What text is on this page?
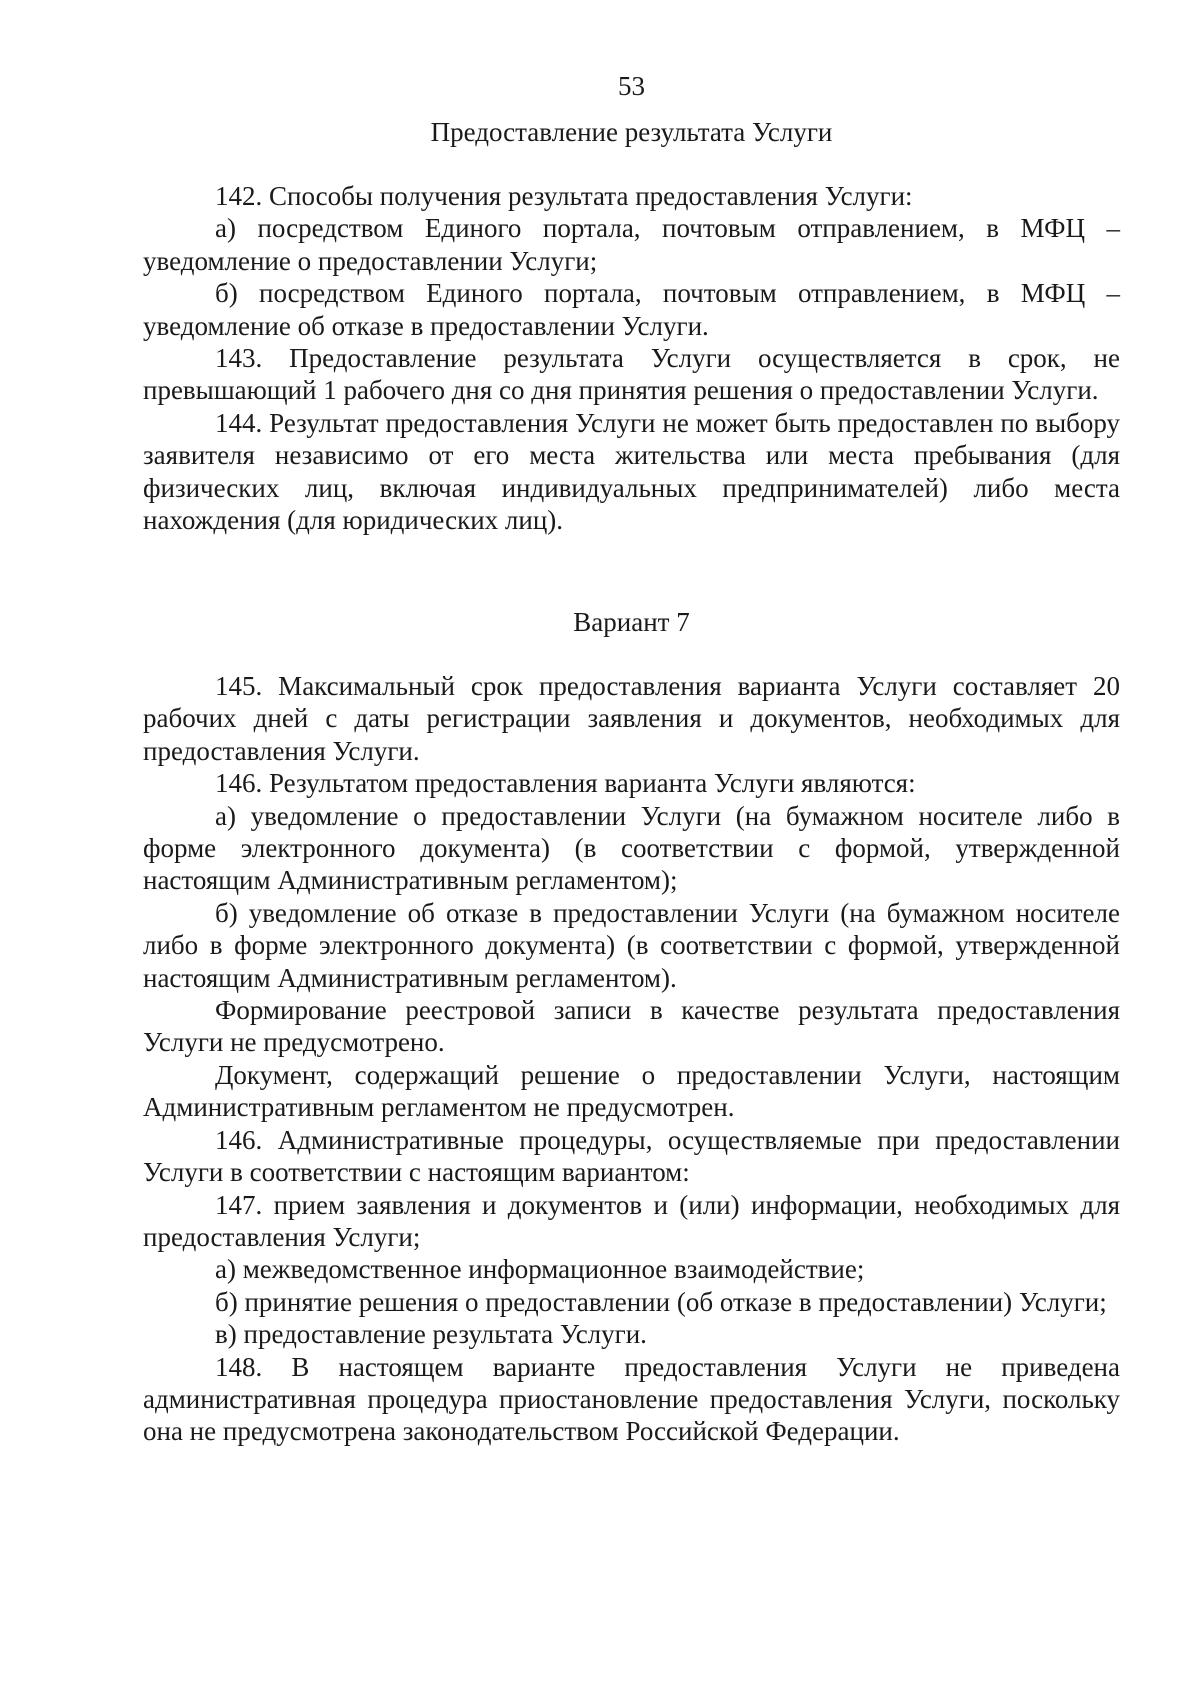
53
Предоставление результата Услуги

142. Способы получения результата предоставления Услуги:

а) посредством Единого портала, почтовым отправлением, в МФЦ – уведомление о предоставлении Услуги;

б) посредством Единого портала, почтовым отправлением, в МФЦ – уведомление об отказе в предоставлении Услуги.

143. Предоставление результата Услуги осуществляется в срок, не превышающий 1 рабочего дня со дня принятия решения о предоставлении Услуги.

144. Результат предоставления Услуги не может быть предоставлен по выбору заявителя независимо от его места жительства или места пребывания (для физических лиц, включая индивидуальных предпринимателей) либо места нахождения (для юридических лиц).

Вариант 7

145. Максимальный срок предоставления варианта Услуги составляет 20 рабочих дней с даты регистрации заявления и документов, необходимых для предоставления Услуги.

146. Результатом предоставления варианта Услуги являются:

а) уведомление о предоставлении Услуги (на бумажном носителе либо в форме электронного документа) (в соответствии с формой, утвержденной настоящим Административным регламентом);

б) уведомление об отказе в предоставлении Услуги (на бумажном носителе либо в форме электронного документа) (в соответствии с формой, утвержденной настоящим Административным регламентом).

Формирование реестровой записи в качестве результата предоставления Услуги не предусмотрено.

Документ, содержащий решение о предоставлении Услуги, настоящим Административным регламентом не предусмотрен.

146. Административные процедуры, осуществляемые при предоставлении Услуги в соответствии с настоящим вариантом:

147. прием заявления и документов и (или) информации, необходимых для предоставления Услуги;

а) межведомственное информационное взаимодействие;

б) принятие решения о предоставлении (об отказе в предоставлении) Услуги;

в) предоставление результата Услуги.

148. В настоящем варианте предоставления Услуги не приведена административная процедура приостановление предоставления Услуги, поскольку она не предусмотрена законодательством Российской Федерации.
